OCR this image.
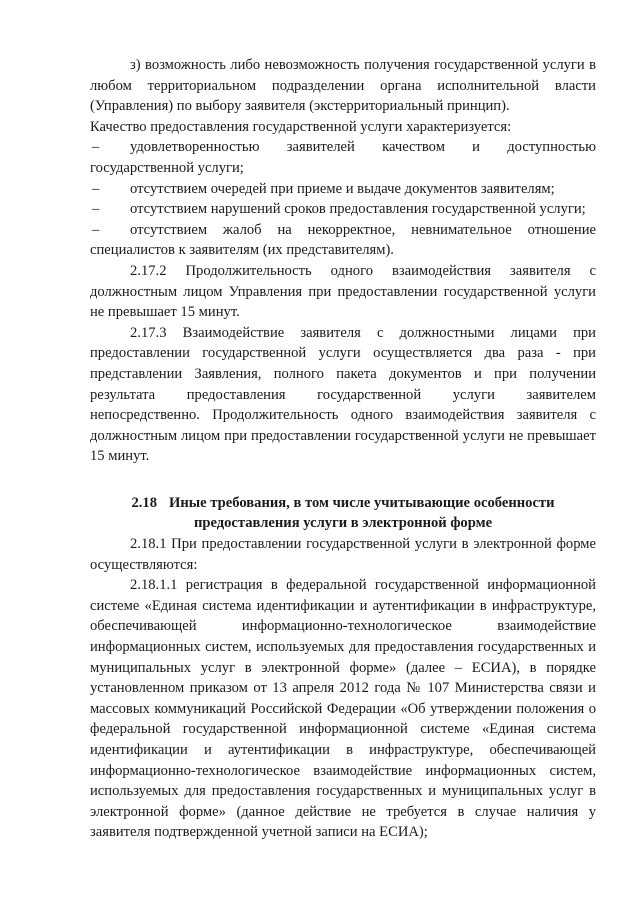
з) возможность либо невозможность получения государственной услуги в любом территориальном подразделении органа исполнительной власти (Управления) по выбору заявителя (экстерриториальный принцип).

Качество предоставления государственной услуги характеризуется:

– удовлетворенностью заявителей качеством и доступностью государственной услуги;

– отсутствием очередей при приеме и выдаче документов заявителям;

– отсутствием нарушений сроков предоставления государственной услуги;

– отсутствием жалоб на некорректное, невнимательное отношение специалистов к заявителям (их представителям).

2.17.2 Продолжительность одного взаимодействия заявителя с должностным лицом Управления при предоставлении государственной услуги не превышает 15 минут.

2.17.3 Взаимодействие заявителя с должностными лицами при предоставлении государственной услуги осуществляется два раза - при представлении Заявления, полного пакета документов и при получении результата предоставления государственной услуги заявителем непосредственно. Продолжительность одного взаимодействия заявителя с должностным лицом при предоставлении государственной услуги не превышает 15 минут.

2.18 Иные требования, в том числе учитывающие особенности
предоставления услуги в электронной форме

2.18.1 При предоставлении государственной услуги в электронной форме осуществляются:

2.18.1.1 регистрация в федеральной государственной информационной системе «Единая система идентификации и аутентификации в инфраструктуре, обеспечивающей информационно-технологическое взаимодействие информационных систем, используемых для предоставления государственных и муниципальных услуг в электронной форме» (далее – ЕСИА), в порядке установленном приказом от 13 апреля 2012 года № 107 Министерства связи и массовых коммуникаций Российской Федерации «Об утверждении положения о федеральной государственной информационной системе «Единая система идентификации и аутентификации в инфраструктуре, обеспечивающей информационно-технологическое взаимодействие информационных систем, используемых для предоставления государственных и муниципальных услуг в электронной форме» (данное действие не требуется в случае наличия у заявителя подтвержденной учетной записи на ЕСИА);
